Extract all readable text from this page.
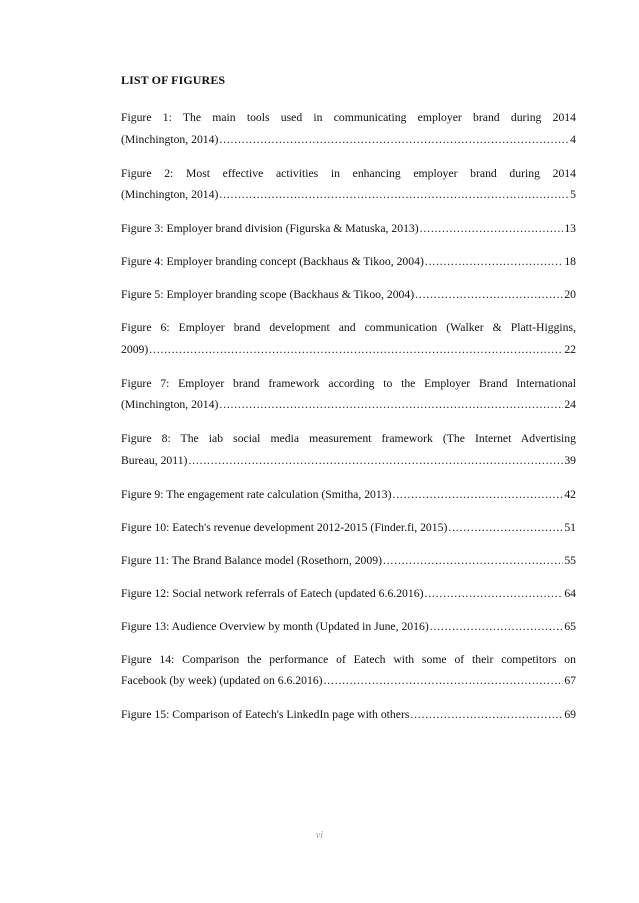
LIST OF FIGURES
Figure 1: The main tools used in communicating employer brand during 2014
(Minchington, 2014) .....	4
Figure 2: Most effective activities in enhancing employer brand during 2014
(Minchington, 2014) .....	5
Figure 3: Employer brand division (Figurska & Matuska, 2013) .....	13
Figure 4: Employer branding concept (Backhaus & Tikoo, 2004) .....	18
Figure 5: Employer branding scope (Backhaus & Tikoo, 2004) .....	20
Figure 6: Employer brand development and communication (Walker & Platt-Higgins,
2009) .....	22
Figure 7: Employer brand framework according to the Employer Brand International
(Minchington, 2014) .....	24
Figure 8: The iab social media measurement framework (The Internet Advertising
Bureau, 2011) .....	39
Figure 9: The engagement rate calculation (Smitha, 2013) .....	42
Figure 10: Eatech's revenue development 2012-2015 (Finder.fi, 2015) .....	51
Figure 11: The Brand Balance model (Rosethorn, 2009) .....	55
Figure 12: Social network referrals of Eatech (updated 6.6.2016) .....	64
Figure 13: Audience Overview by month (Updated in June, 2016) .....	65
Figure 14: Comparison the performance of Eatech with some of their competitors on
Facebook (by week) (updated on 6.6.2016) .....	67
Figure 15: Comparison of Eatech's LinkedIn page with others .....	69
vi
